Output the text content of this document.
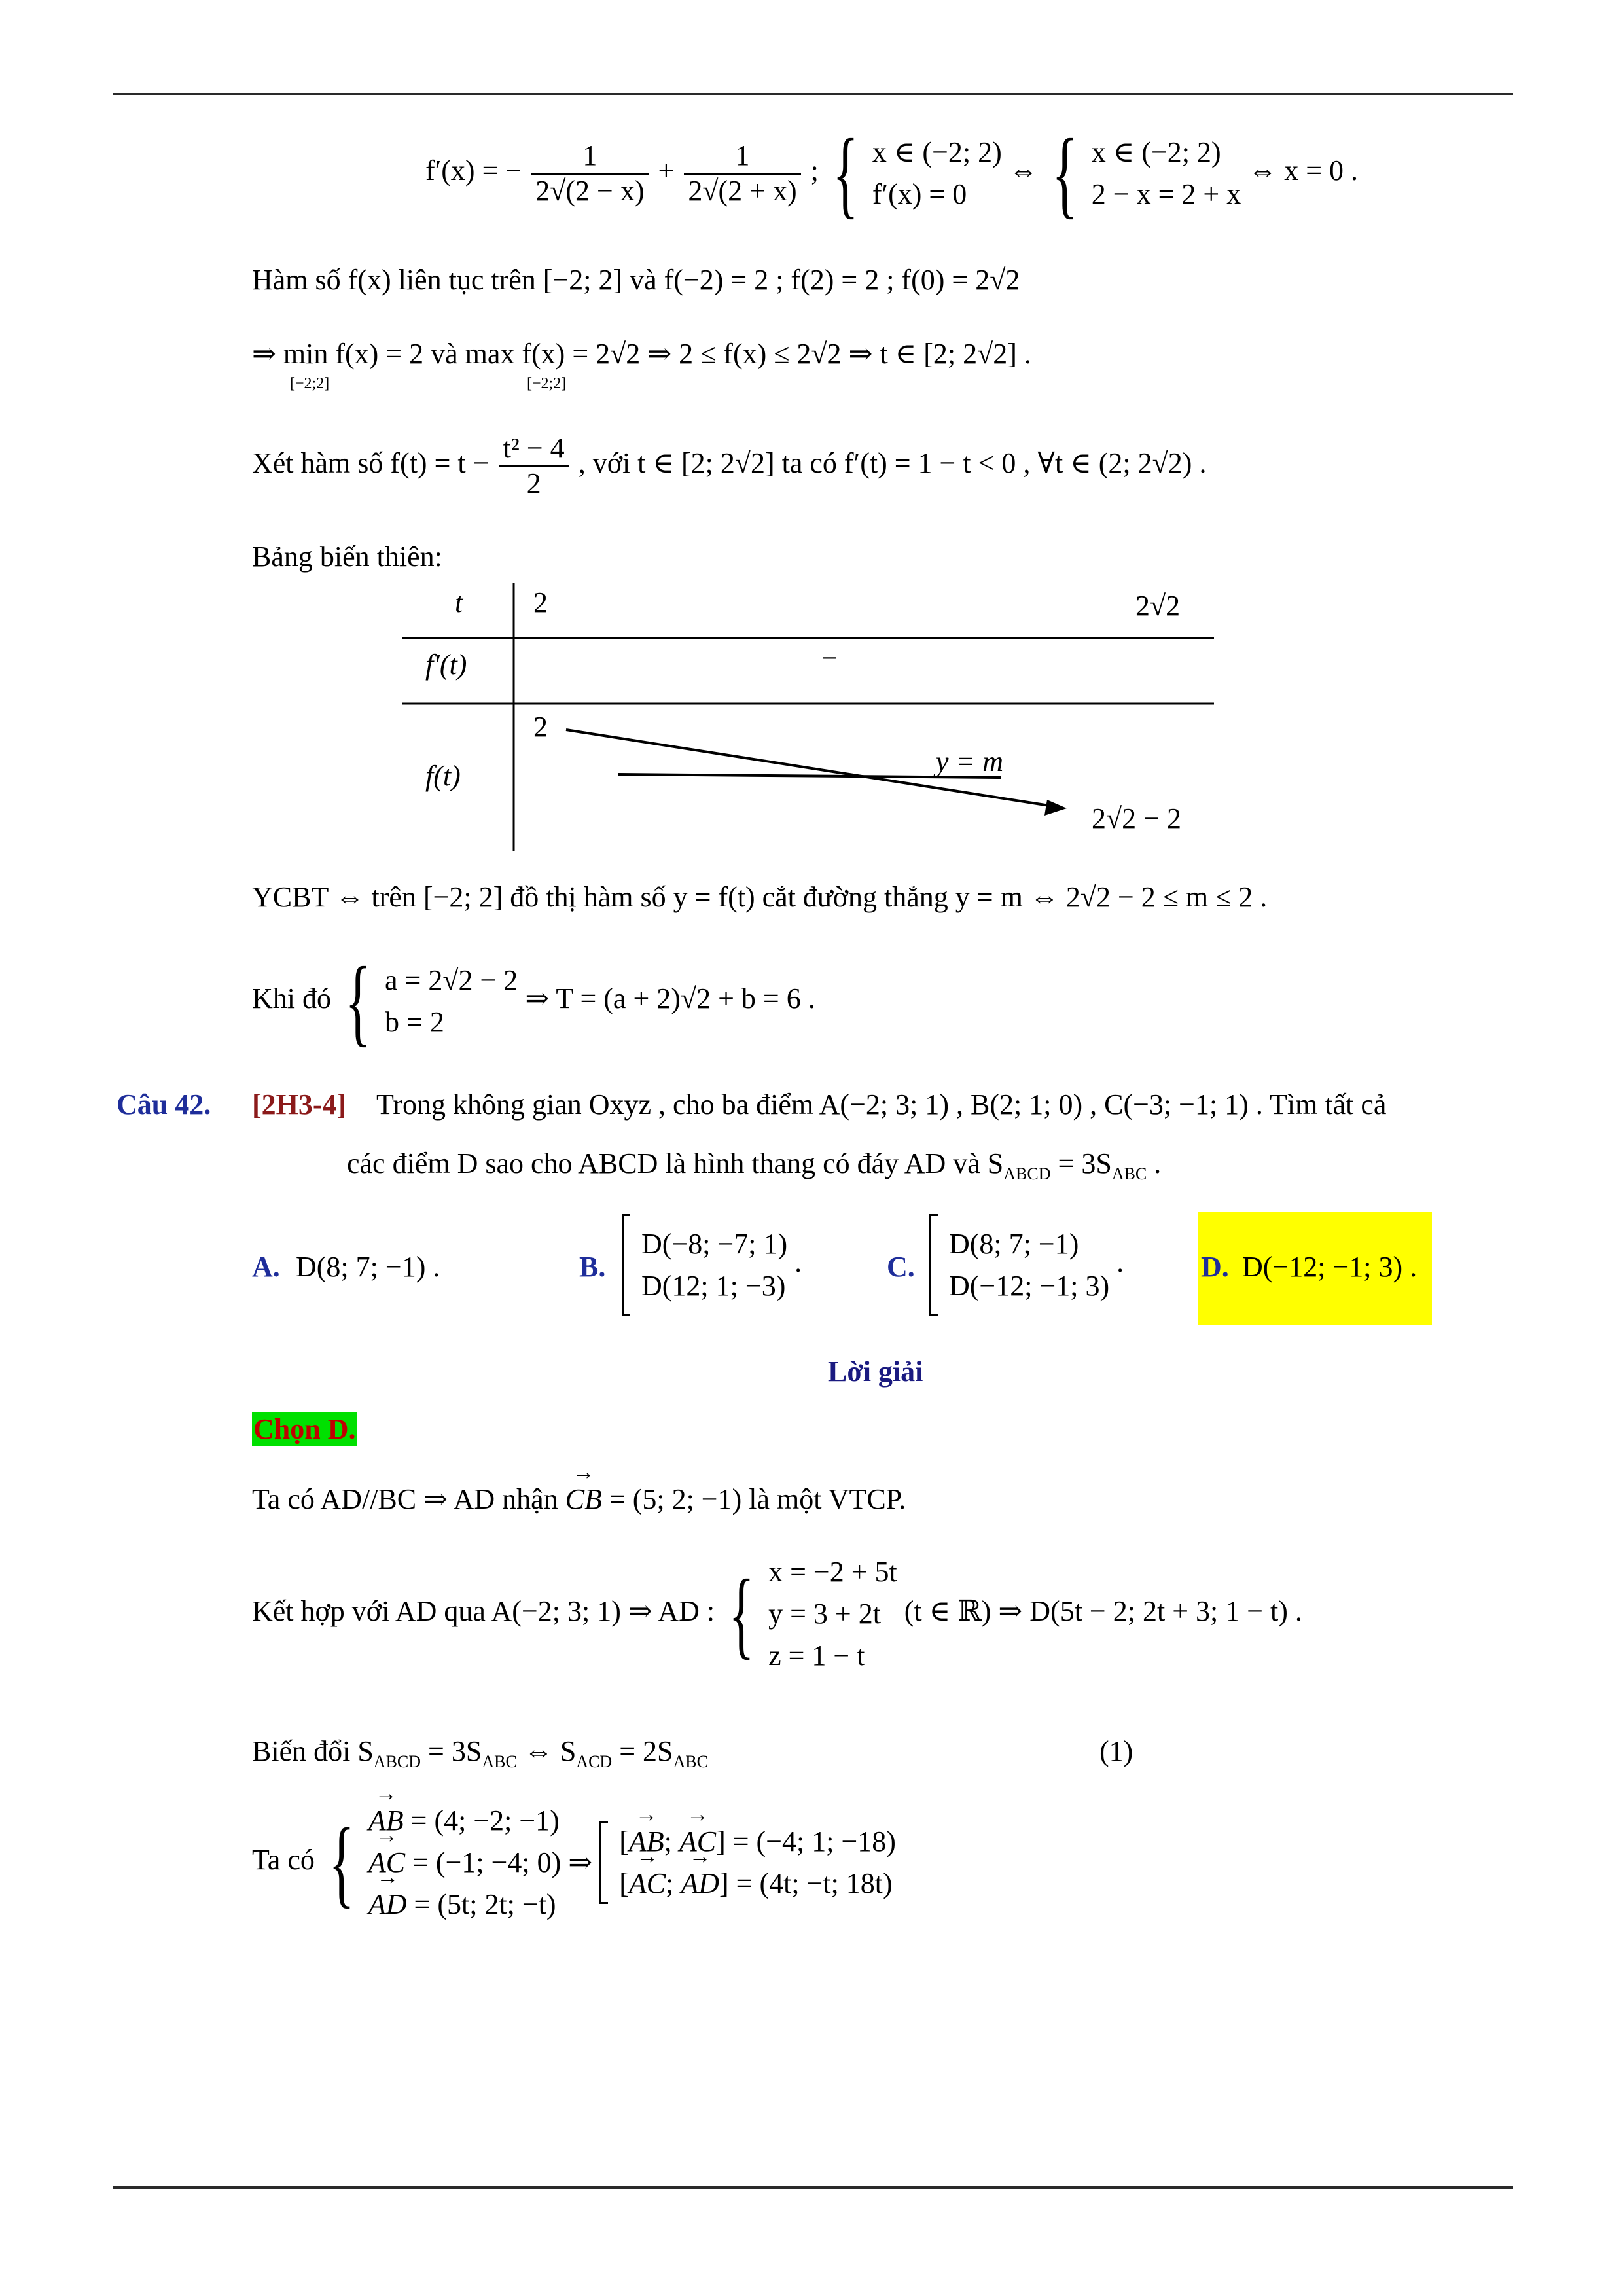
f′(x) = − $\frac{1}{2√(2 - x)} + \frac{1}{2√(2 + x)}$ ; { x ∈ (−2; 2)
f′(x) = 0
⇔ { x ∈ (−2; 2)
2 − x = 2 + x
⇔ x = 0 .
Hàm số f(x) liên tục trên [−2; 2] và f(−2) = 2 ; f(2) = 2 ; f(0) = 2√2
⇒ min f(x) = 2 và max f(x) = 2√2 ⇒ 2 ≤ f(x) ≤ 2√2 ⇒ t ∈ [2; 2√2] .
[−2;2]	[−2;2]
Xét hàm số $f(t) = t - \frac{\text{t² − 4}}{2}$ , với t ∈ [2; 2√2] ta có f′(t) = 1 − t < 0 , ∀t ∈ (2; 2√2) .
Bảng biến thiên:
t 2	2√2
f′(t)	−
f(t)
2
y = m
2√2 − 2
YCBT ⇔ trên [−2; 2] đồ thị hàm số y = f(t) cắt đường thẳng y = m ⇔ 2√2 − 2 ≤ m ≤ 2 .
Khi đó { a = 2√2 − 2
b = 2
⇒ T = (a + 2)√2 + b = 6 .
Câu 42. [2H3-4] Trong không gian Oxyz , cho ba điểm A(−2; 3; 1) , B(2; 1; 0) , C(−3; −1; 1) . Tìm tất cả
các điểm D sao cho ABCD là hình thang có đáy AD và $S_{ABCD} = 3S_{ABC}$ .
A. D(8; 7; −1) .	B.

D(−8; −7; 1)
D(12; 1; −3)
.	C.

D(8; 7; −1)
D(−12; −1; 3)
.	D. D(−12; −1; 3) .
Lời giải
Chọn D.
Ta có AD//BC ⇒ AD nhận → CB = (5; 2; −1) là một VTCP.
Kết hợp với AD qua A(−2; 3; 1) ⇒ AD : { x = −2 + 5t
y = 3 + 2t
z = 1 − t
(t ∈ ℝ) ⇒ D(5t − 2; 2t + 3; 1 − t) .
Biến đổi $S_{ABCD} = 3S_{ABC}$ ⇔ $S_{ACD} = 2S_{ABC}$	(1)
Ta có {
→ AB = (4; −2; −1)
→ AC = (−1; −4; 0) ⇒
→ AD = (5t; 2t; −t)

[→ AB; → AC] = (−4; 1; −18)
[→ AC; → AD] = (4t; −t; 18t)
